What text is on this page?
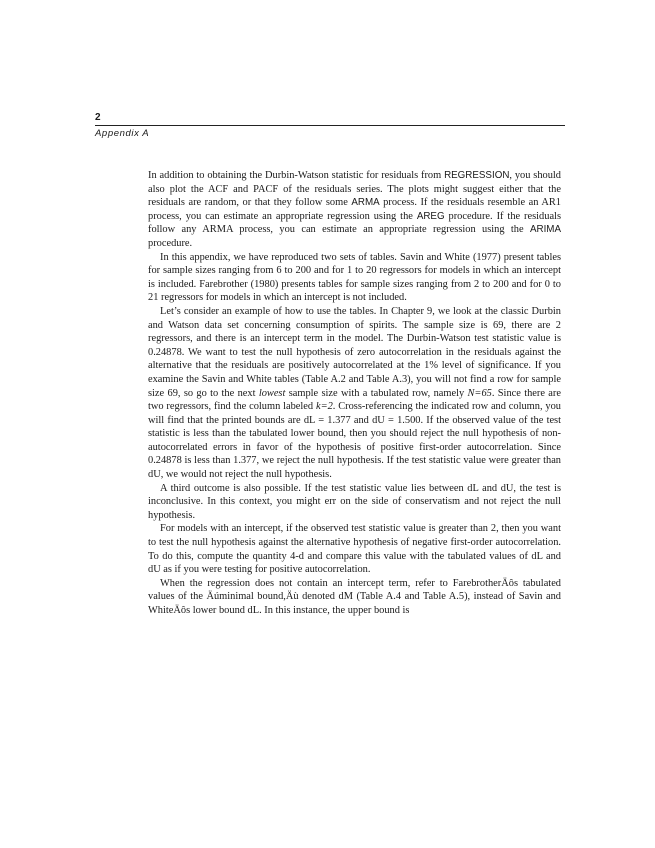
2
Appendix A

In addition to obtaining the Durbin-Watson statistic for residuals from REGRESSION, you should also plot the ACF and PACF of the residuals series. The plots might suggest either that the residuals are random, or that they follow some ARMA process. If the residuals resemble an AR1 process, you can estimate an appropriate regression using the AREG procedure. If the residuals follow any ARMA process, you can estimate an appropriate regression using the ARIMA procedure.

In this appendix, we have reproduced two sets of tables. Savin and White (1977) present tables for sample sizes ranging from 6 to 200 and for 1 to 20 regressors for models in which an intercept is included. Farebrother (1980) presents tables for sample sizes ranging from 2 to 200 and for 0 to 21 regressors for models in which an intercept is not included.

Let’s consider an example of how to use the tables. In Chapter 9, we look at the classic Durbin and Watson data set concerning consumption of spirits. The sample size is 69, there are 2 regressors, and there is an intercept term in the model. The Durbin-Watson test statistic value is 0.24878. We want to test the null hypothesis of zero autocorrelation in the residuals against the alternative that the residuals are positively autocorrelated at the 1% level of significance. If you examine the Savin and White tables (Table A.2 and Table A.3), you will not find a row for sample size 69, so go to the next lowest sample size with a tabulated row, namely N=65. Since there are two regressors, find the column labeled k=2. Cross-referencing the indicated row and column, you will find that the printed bounds are dL = 1.377 and dU = 1.500. If the observed value of the test statistic is less than the tabulated lower bound, then you should reject the null hypothesis of non-autocorrelated errors in favor of the hypothesis of positive first-order autocorrelation. Since 0.24878 is less than 1.377, we reject the null hypothesis. If the test statistic value were greater than dU, we would not reject the null hypothesis.

A third outcome is also possible. If the test statistic value lies between dL and dU, the test is inconclusive. In this context, you might err on the side of conservatism and not reject the null hypothesis.

For models with an intercept, if the observed test statistic value is greater than 2, then you want to test the null hypothesis against the alternative hypothesis of negative first-order autocorrelation. To do this, compute the quantity 4-d and compare this value with the tabulated values of dL and dU as if you were testing for positive autocorrelation.

When the regression does not contain an intercept term, refer to FarebrotherÄôs tabulated values of the Äúminimal bound,Äù denoted dM (Table A.4 and Table A.5), instead of Savin and WhiteÄôs lower bound dL. In this instance, the upper bound is
